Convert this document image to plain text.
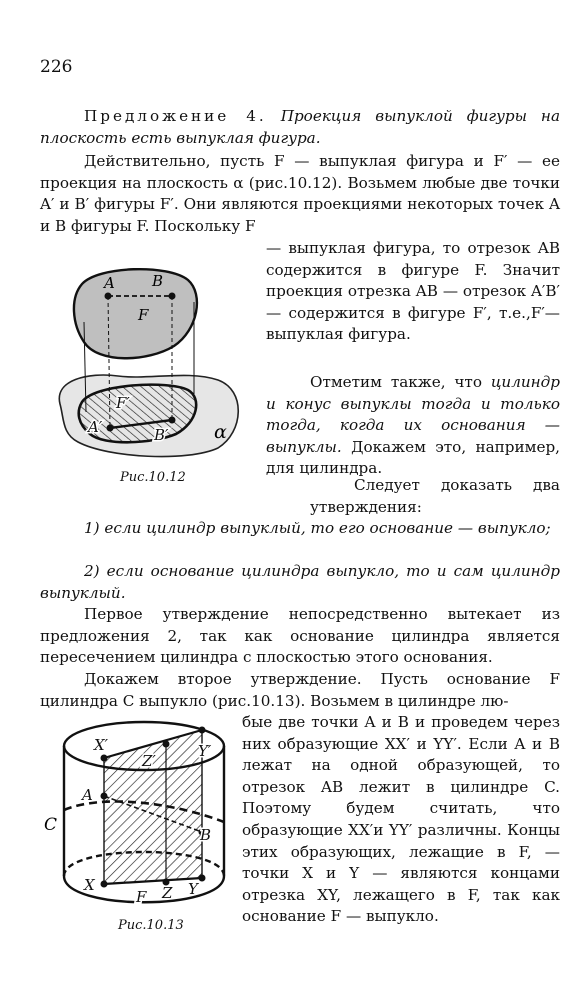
226
Предложение 4. Проекция выпуклой фигуры на плоскость есть выпуклая фигура.
Действительно, пусть F — выпуклая фигура и F′ — ее проекция на плоскость α (рис.10.12). Возьмем любые две точки A′ и B′ фигуры F′. Они являются проекциями некоторых точек A и B фигуры F. Поскольку F
A B
F
F′
A′	B′ α
Рис.10.12
— выпуклая фигура, то отрезок AB содержится в фигуре F. Значит проекция отрезка AB — отрезок A′B′— содержится в фигуре F′, т.е.,F′— выпуклая фигура.
Отметим также, что цилиндр и конус выпуклы тогда и только тогда, когда их основания — выпуклы. Докажем это, например, для цилиндра.
Следует доказать два утверждения:
1) если цилиндр выпуклый, то его основание — выпукло;
2) если основание цилиндра выпукло, то и сам цилиндр выпуклый.
Первое утверждение непосредственно вытекает из предложения 2, так как основание цилиндра является пересечением цилиндра с плоскостью этого основания.
Докажем второе утверждение. Пусть основание F цилиндра C выпукло (рис.10.13). Возьмем в цилиндре лю-
X′
Z′
Y′
A
B
C
X
F Z Y
Рис.10.13
бые две точки A и B и проведем через них образующие XX′ и YY′. Если A и B лежат на одной образующей, то отрезок AB лежит в цилиндре C. Поэтому будем считать, что образующие XX′и YY′ различны. Концы этих образующих, лежащие в F, — точки X и Y — являются концами отрезка XY, лежащего в F, так как основание F — выпукло.
